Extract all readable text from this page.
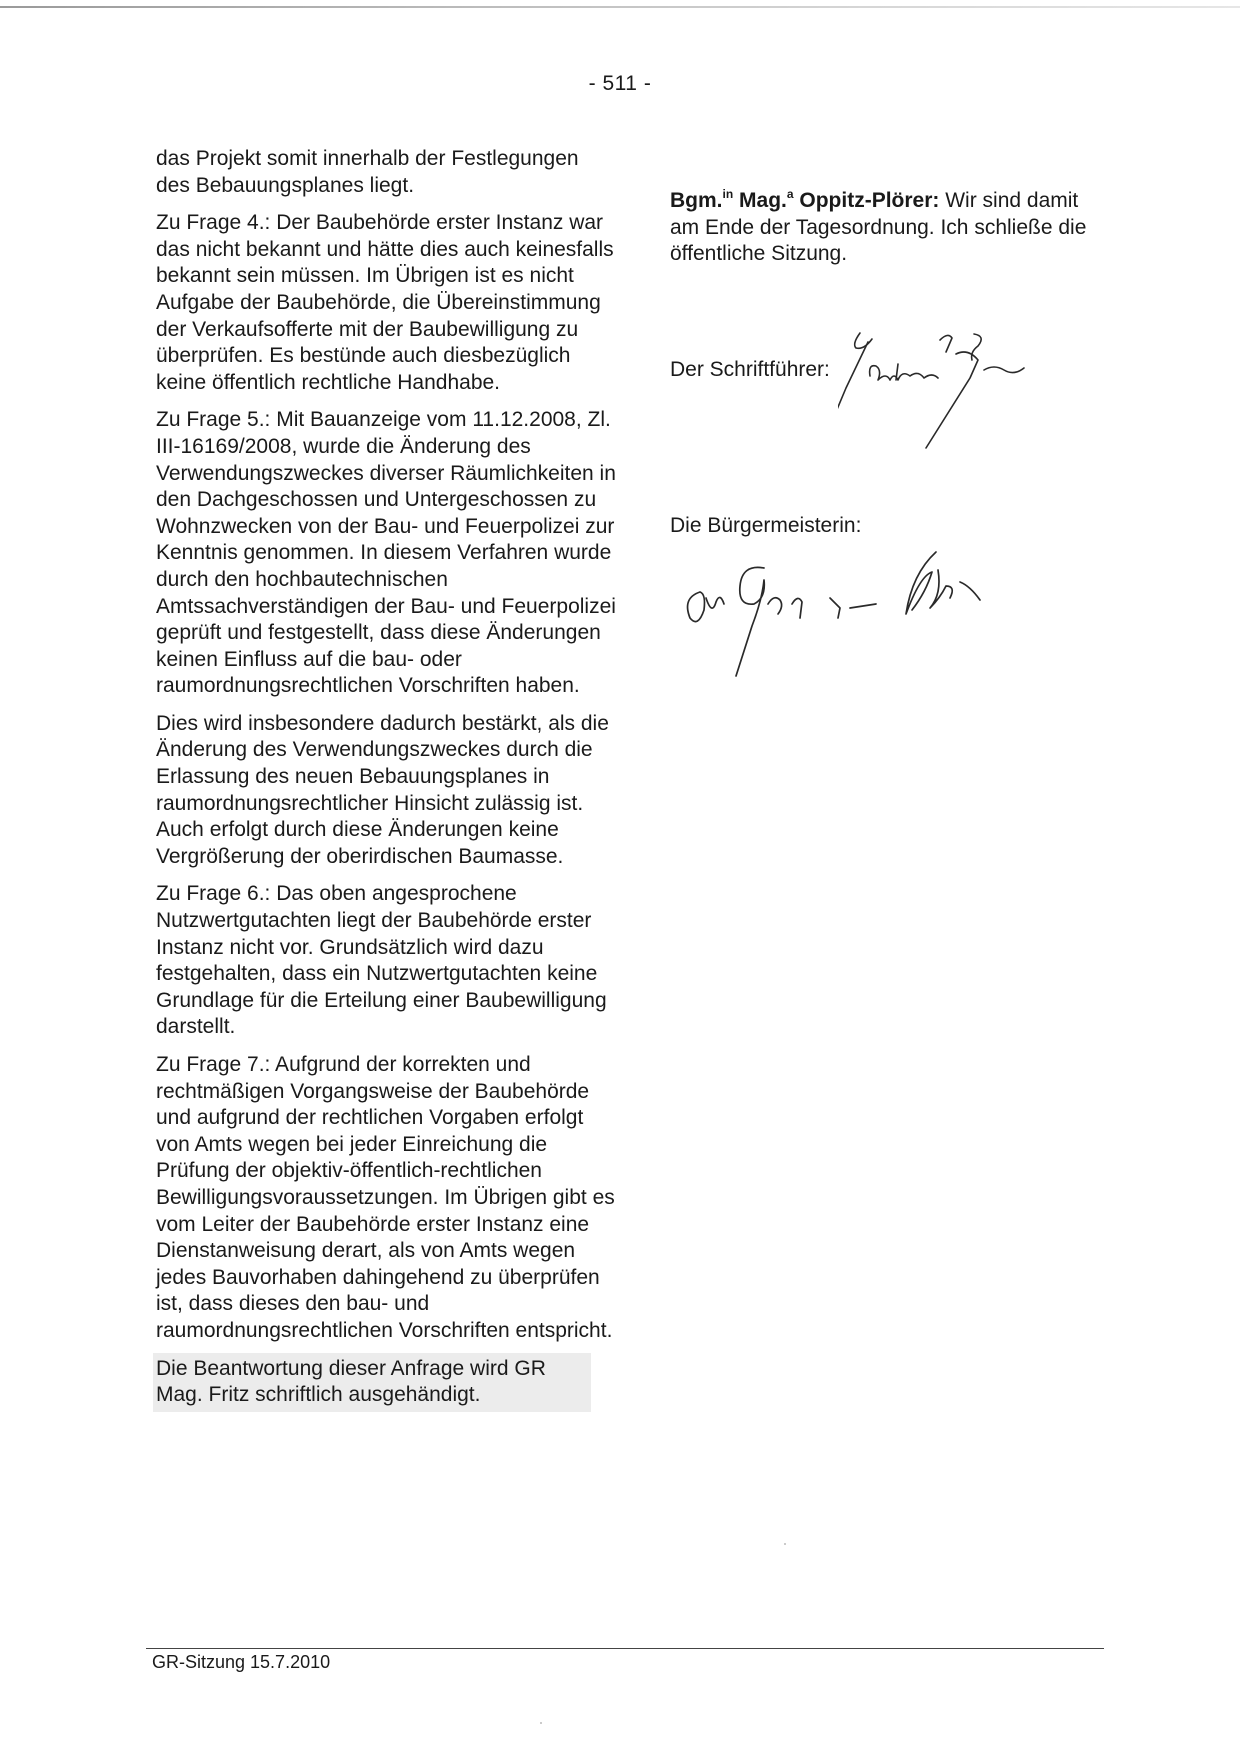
- 511 -

das Projekt somit innerhalb der Festlegungen des Bebauungsplanes liegt.

Zu Frage 4.: Der Baubehörde erster Instanz war das nicht bekannt und hätte dies auch keinesfalls bekannt sein müssen. Im Übrigen ist es nicht Aufgabe der Baubehörde, die Übereinstimmung der Verkaufsofferte mit der Baubewilligung zu überprüfen. Es bestünde auch diesbezüglich keine öffentlich rechtliche Handhabe.

Zu Frage 5.: Mit Bauanzeige vom 11.12.2008, Zl. III-16169/2008, wurde die Änderung des Verwendungszweckes diverser Räumlichkeiten in den Dachgeschossen und Untergeschossen zu Wohnzwecken von der Bau- und Feuerpolizei zur Kenntnis genommen. In diesem Verfahren wurde durch den hochbautechnischen Amtssachverständigen der Bau- und Feuerpolizei geprüft und festgestellt, dass diese Änderungen keinen Einfluss auf die bau- oder raumordnungsrechtlichen Vorschriften haben.

Dies wird insbesondere dadurch bestärkt, als die Änderung des Verwendungszweckes durch die Erlassung des neuen Bebauungsplanes in raumordnungsrechtlicher Hinsicht zulässig ist. Auch erfolgt durch diese Änderungen keine Vergrößerung der oberirdischen Baumasse.

Zu Frage 6.: Das oben angesprochene Nutzwertgutachten liegt der Baubehörde erster Instanz nicht vor. Grundsätzlich wird dazu festgehalten, dass ein Nutzwertgutachten keine Grundlage für die Erteilung einer Baubewilligung darstellt.

Zu Frage 7.: Aufgrund der korrekten und rechtmäßigen Vorgangsweise der Baubehörde und aufgrund der rechtlichen Vorgaben erfolgt von Amts wegen bei jeder Einreichung die Prüfung der objektiv-öffentlich-rechtlichen Bewilligungsvoraussetzungen. Im Übrigen gibt es vom Leiter der Baubehörde erster Instanz eine Dienstanweisung derart, als von Amts wegen jedes Bauvorhaben dahingehend zu überprüfen ist, dass dieses den bau- und raumordnungsrechtlichen Vorschriften entspricht.

Die Beantwortung dieser Anfrage wird GR Mag. Fritz schriftlich ausgehändigt.

Bgm.$^{in}$ Mag.$^a$ Oppitz-Plörer: Wir sind damit am Ende der Tagesordnung. Ich schließe die öffentliche Sitzung.

Der Schriftführer:
Die Bürgermeisterin:
GR-Sitzung 15.7.2010
